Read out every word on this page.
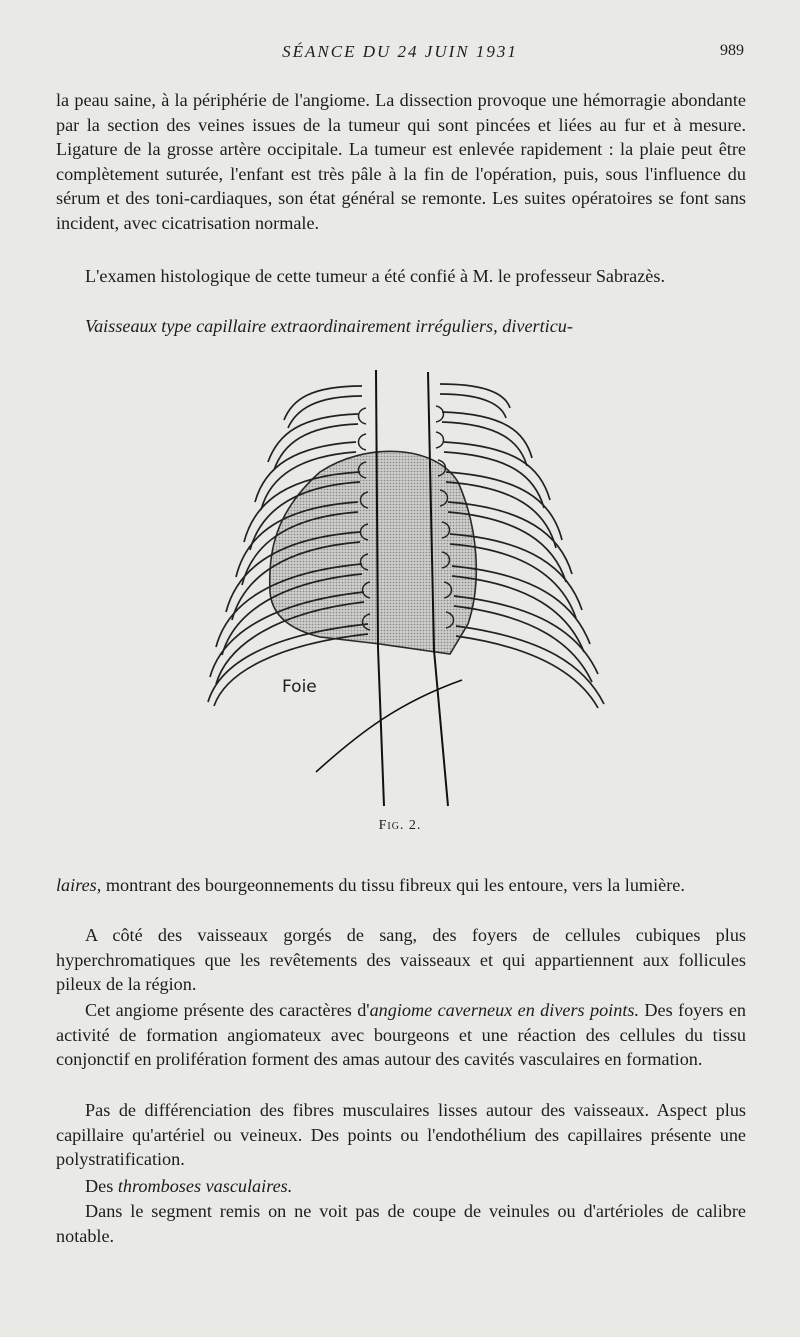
SÉANCE DU 24 JUIN 1931	989

la peau saine, à la périphérie de l'angiome. La dissection provoque une hémorragie abondante par la section des veines issues de la tumeur qui sont pincées et liées au fur et à mesure. Ligature de la grosse artère occipitale. La tumeur est enlevée rapidement : la plaie peut être complètement suturée, l'enfant est très pâle à la fin de l'opération, puis, sous l'influence du sérum et des toni-cardiaques, son état général se remonte. Les suites opératoires se font sans incident, avec cicatrisation normale.

L'examen histologique de cette tumeur a été confié à M. le professeur Sabrazès.

Vaisseaux type capillaire extraordinairement irréguliers, diverticu-

Foie
Fig. 2.

laires, montrant des bourgeonnements du tissu fibreux qui les entoure, vers la lumière.

A côté des vaisseaux gorgés de sang, des foyers de cellules cubiques plus hyperchromatiques que les revêtements des vaisseaux et qui appartiennent aux follicules pileux de la région.

Cet angiome présente des caractères d'angiome caverneux en divers points. Des foyers en activité de formation angiomateux avec bourgeons et une réaction des cellules du tissu conjonctif en prolifération forment des amas autour des cavités vasculaires en formation.

Pas de différenciation des fibres musculaires lisses autour des vaisseaux. Aspect plus capillaire qu'artériel ou veineux. Des points ou l'endothélium des capillaires présente une polystratification.

Des thromboses vasculaires.

Dans le segment remis on ne voit pas de coupe de veinules ou d'artérioles de calibre notable.
